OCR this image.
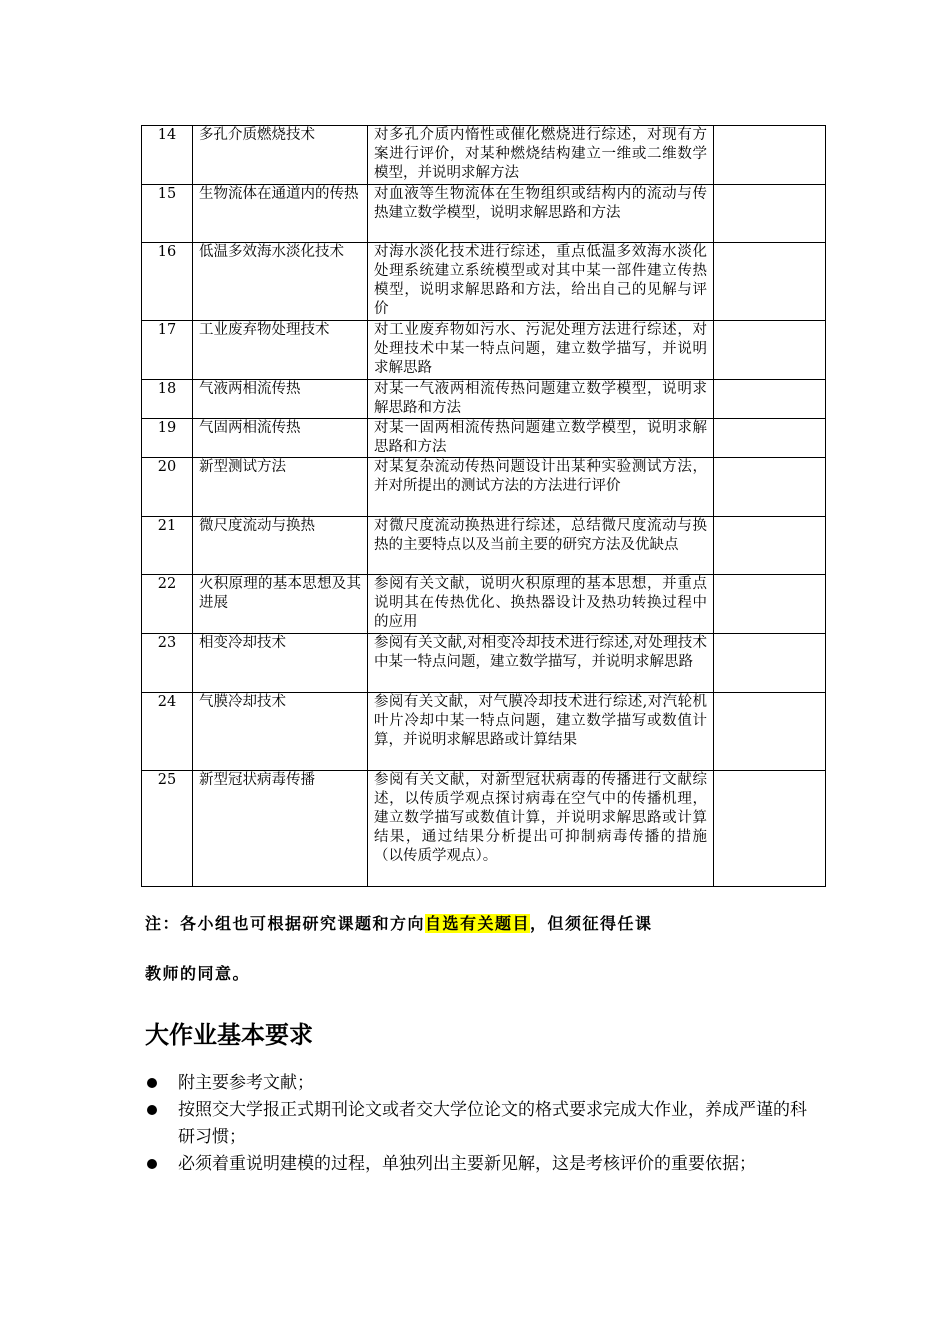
14	多孔介质燃烧技术	对多孔介质内惰性或催化燃烧进行综述，对现有方案进行评价，对某种燃烧结构建立一维或二维数学模型，并说明求解方法	
15	生物流体在通道内的传热	对血液等生物流体在生物组织或结构内的流动与传热建立数学模型，说明求解思路和方法	
16	低温多效海水淡化技术	对海水淡化技术进行综述，重点低温多效海水淡化处理系统建立系统模型或对其中某一部件建立传热模型，说明求解思路和方法，给出自己的见解与评价	
17	工业废弃物处理技术	对工业废弃物如污水、污泥处理方法进行综述，对处理技术中某一特点问题，建立数学描写，并说明求解思路	
18	气液两相流传热	对某一气液两相流传热问题建立数学模型，说明求解思路和方法	
19	气固两相流传热	对某一固两相流传热问题建立数学模型，说明求解思路和方法	
20	新型测试方法	对某复杂流动传热问题设计出某种实验测试方法，并对所提出的测试方法的方法进行评价	
21	微尺度流动与换热	对微尺度流动换热进行综述，总结微尺度流动与换热的主要特点以及当前主要的研究方法及优缺点	
22	火积原理的基本思想及其进展	参阅有关文献，说明火积原理的基本思想，并重点说明其在传热优化、换热器设计及热功转换过程中的应用	
23	相变冷却技术	参阅有关文献,对相变冷却技术进行综述,对处理技术中某一特点问题，建立数学描写，并说明求解思路	
24	气膜冷却技术	参阅有关文献，对气膜冷却技术进行综述,对汽轮机叶片冷却中某一特点问题，建立数学描写或数值计算，并说明求解思路或计算结果	
25	新型冠状病毒传播	参阅有关文献，对新型冠状病毒的传播进行文献综述，以传质学观点探讨病毒在空气中的传播机理，建立数学描写或数值计算，并说明求解思路或计算结果，通过结果分析提出可抑制病毒传播的措施（以传质学观点）。	
注：各小组也可根据研究课题和方向自选有关题目，但须征得任课
教师的同意。
大作业基本要求
附主要参考文献；
按照交大学报正式期刊论文或者交大学位论文的格式要求完成大作业，养成严谨的科研习惯；
必须着重说明建模的过程，单独列出主要新见解，这是考核评价的重要依据；
